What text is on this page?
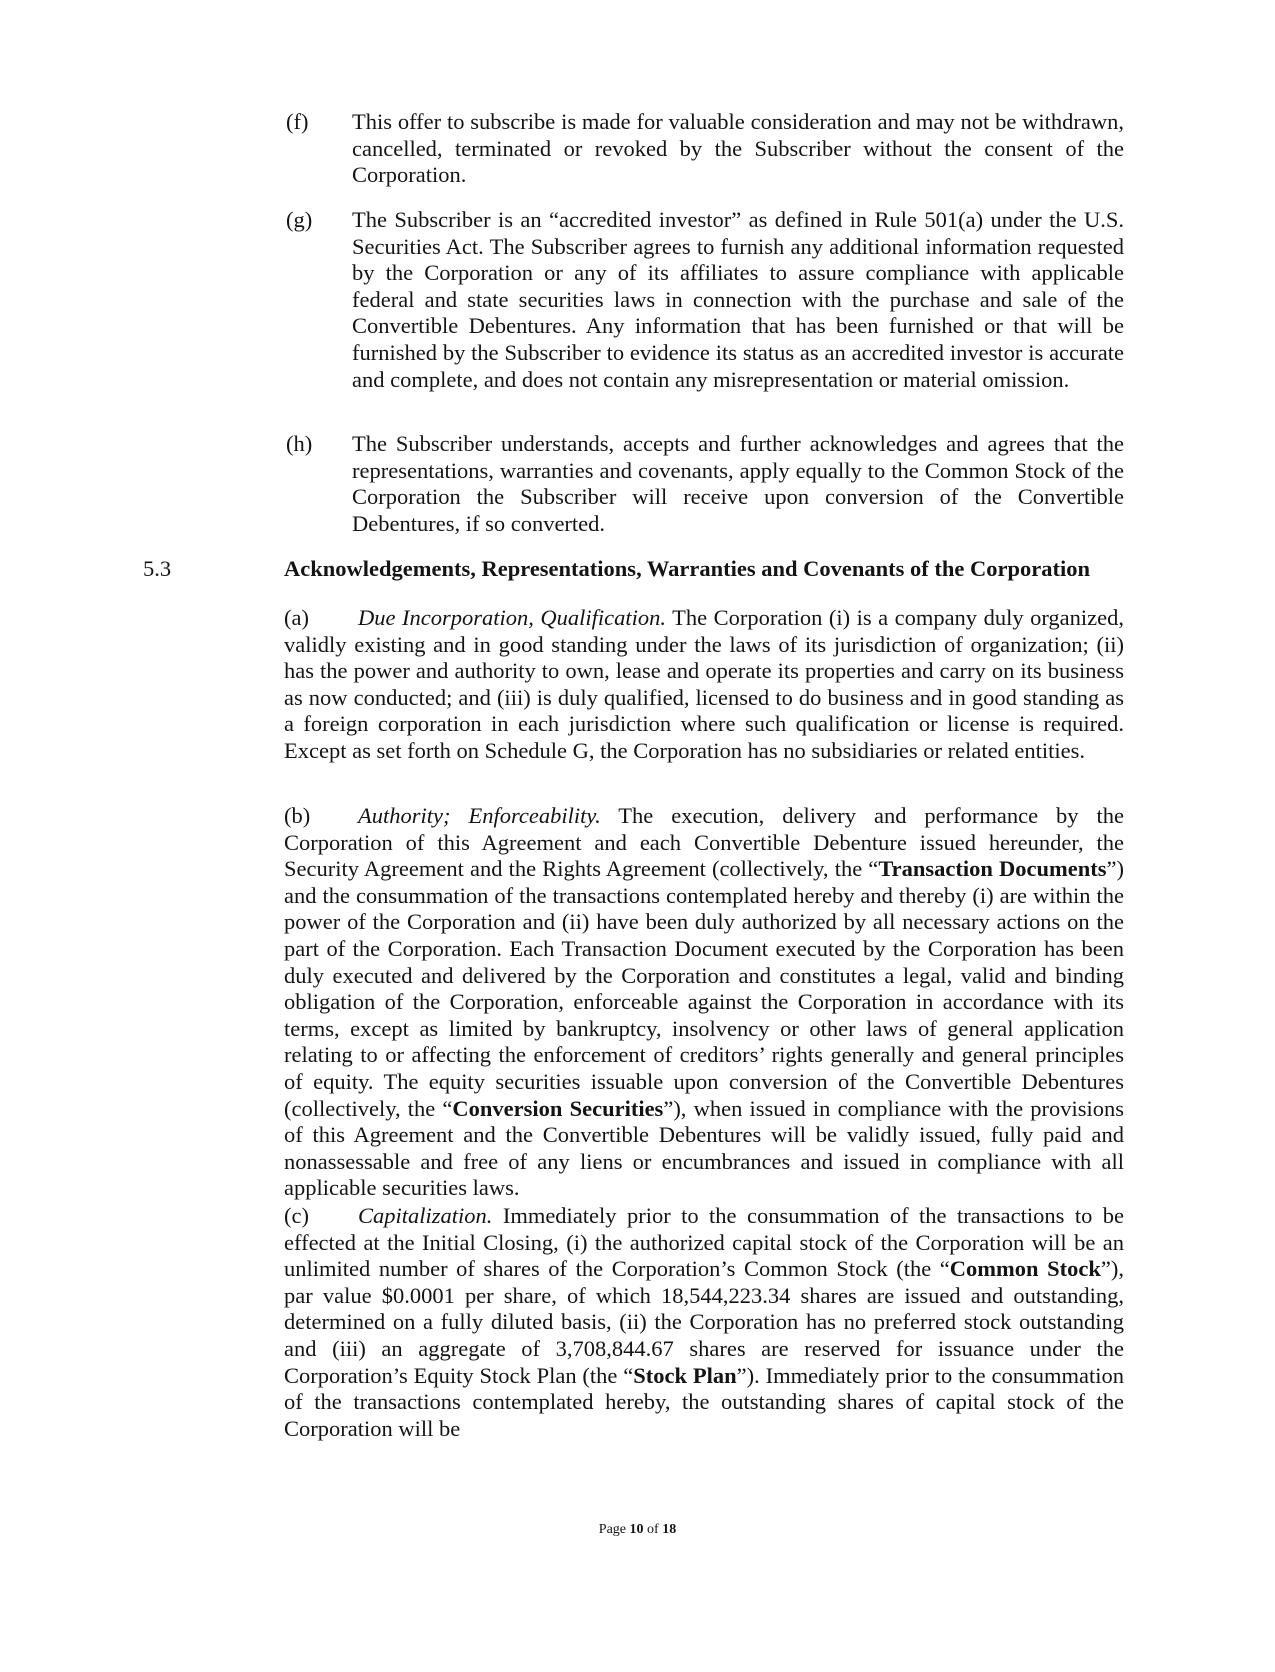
(f) This offer to subscribe is made for valuable consideration and may not be withdrawn, cancelled, terminated or revoked by the Subscriber without the consent of the Corporation.
(g) The Subscriber is an “accredited investor” as defined in Rule 501(a) under the U.S. Securities Act. The Subscriber agrees to furnish any additional information requested by the Corporation or any of its affiliates to assure compliance with applicable federal and state securities laws in connection with the purchase and sale of the Convertible Debentures. Any information that has been furnished or that will be furnished by the Subscriber to evidence its status as an accredited investor is accurate and complete, and does not contain any misrepresentation or material omission.
(h) The Subscriber understands, accepts and further acknowledges and agrees that the representations, warranties and covenants, apply equally to the Common Stock of the Corporation the Subscriber will receive upon conversion of the Convertible Debentures, if so converted.
5.3	Acknowledgements, Representations, Warranties and Covenants of the Corporation
(a) Due Incorporation, Qualification. The Corporation (i) is a company duly organized, validly existing and in good standing under the laws of its jurisdiction of organization; (ii) has the power and authority to own, lease and operate its properties and carry on its business as now conducted; and (iii) is duly qualified, licensed to do business and in good standing as a foreign corporation in each jurisdiction where such qualification or license is required. Except as set forth on Schedule G, the Corporation has no subsidiaries or related entities.
(b) Authority; Enforceability. The execution, delivery and performance by the Corporation of this Agreement and each Convertible Debenture issued hereunder, the Security Agreement and the Rights Agreement (collectively, the “Transaction Documents”) and the consummation of the transactions contemplated hereby and thereby (i) are within the power of the Corporation and (ii) have been duly authorized by all necessary actions on the part of the Corporation. Each Transaction Document executed by the Corporation has been duly executed and delivered by the Corporation and constitutes a legal, valid and binding obligation of the Corporation, enforceable against the Corporation in accordance with its terms, except as limited by bankruptcy, insolvency or other laws of general application relating to or affecting the enforcement of creditors’ rights generally and general principles of equity. The equity securities issuable upon conversion of the Convertible Debentures (collectively, the “Conversion Securities”), when issued in compliance with the provisions of this Agreement and the Convertible Debentures will be validly issued, fully paid and nonassessable and free of any liens or encumbrances and issued in compliance with all applicable securities laws.
(c) Capitalization. Immediately prior to the consummation of the transactions to be effected at the Initial Closing, (i) the authorized capital stock of the Corporation will be an unlimited number of shares of the Corporation’s Common Stock (the “Common Stock”), par value $0.0001 per share, of which 18,544,223.34 shares are issued and outstanding, determined on a fully diluted basis, (ii) the Corporation has no preferred stock outstanding and (iii) an aggregate of 3,708,844.67 shares are reserved for issuance under the Corporation’s Equity Stock Plan (the “Stock Plan”). Immediately prior to the consummation of the transactions contemplated hereby, the outstanding shares of capital stock of the Corporation will be
Page 10 of 18
